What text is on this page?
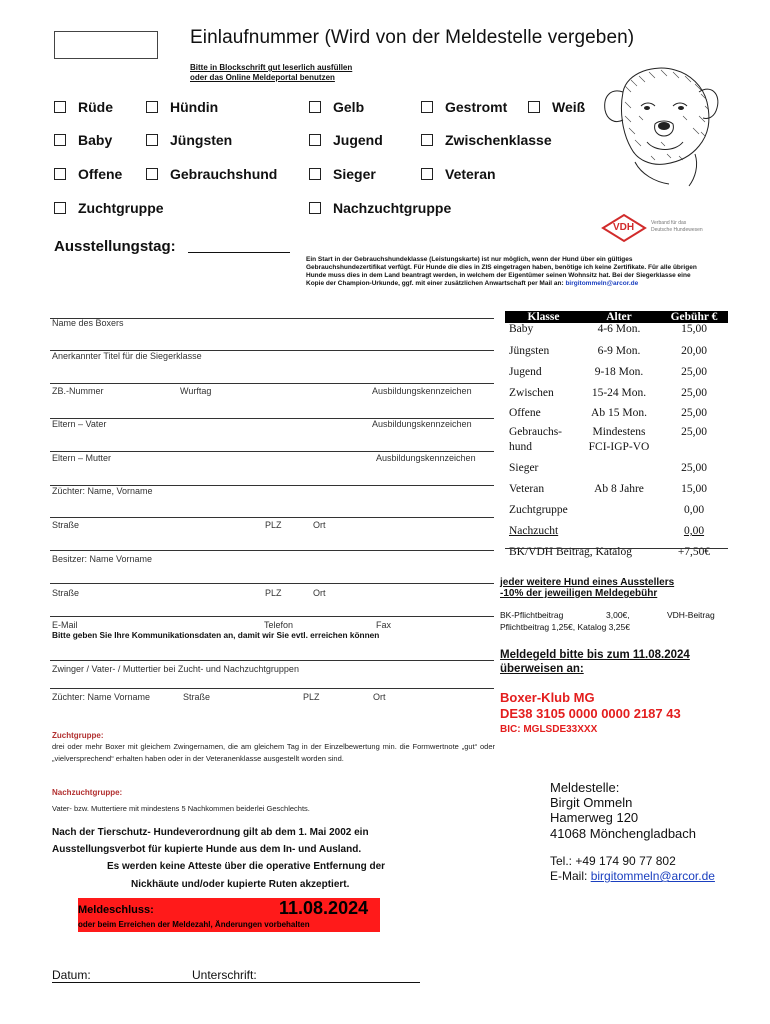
Einlaufnummer (Wird von der Meldestelle vergeben)
Bitte in Blockschrift gut leserlich ausfüllen
oder das Online Meldeportal benutzen
Rüde	Hündin	Gelb	Gestromt	Weiß
Baby	Jüngsten	Jugend	Zwischenklasse
Offene	Gebrauchshund	Sieger	Veteran
Zuchtgruppe	Nachzuchtgruppe
VDH	Verband für das
Deutsche Hundewesen
Ausstellungstag:
Ein Start in der Gebrauchshundeklasse (Leistungskarte) ist nur möglich, wenn der Hund über ein gültiges Gebrauchshundezertifikat verfügt. Für Hunde die dies in ZIS eingetragen haben, benötige ich keine Zertifikate. Für alle übrigen Hunde muss dies in dem Land beantragt werden, in welchem der Eigentümer seinen Wohnsitz hat. Bei der Siegerklasse eine Kopie der Champion-Urkunde, ggf. mit einer zusätzlichen Anwartschaft per Mail an: birgitommeln@arcor.de
Name des Boxers
Anerkannter Titel für die Siegerklasse
ZB.-Nummer	Wurftag	Ausbildungskennzeichen
Eltern – Vater	Ausbildungskennzeichen
Eltern – Mutter	Ausbildungskennzeichen
Züchter: Name, Vorname
Straße	PLZ	Ort
Besitzer: Name Vorname
Straße	PLZ	Ort
E-Mail	Telefon	Fax
Bitte geben Sie Ihre Kommunikationsdaten an, damit wir Sie evtl. erreichen können
Zwinger / Vater- / Muttertier bei Zucht- und Nachzuchtgruppen
Züchter: Name Vorname	Straße	PLZ	Ort
Klasse	Alter	Gebühr €
Baby	4-6 Mon.	15,00
Jüngsten	6-9 Mon.	20,00
Jugend	9-18 Mon.	25,00
Zwischen	15-24 Mon.	25,00
Offene	Ab 15 Mon.	25,00
Gebrauchs-	Mindestens	25,00
hund	FCI-IGP-VO	
Sieger		25,00
Veteran	Ab 8 Jahre	15,00
Zuchtgruppe		0,00
Nachzucht		0,00
BK/VDH Beitrag, Katalog		+7,50€
jeder weitere Hund eines Ausstellers
-10% der jeweiligen Meldegebühr
BK-Pflichtbeitrag	3,00€,	VDH-Beitrag
Pflichtbeitrag 1,25€, Katalog 3,25€
Meldegeld bitte bis zum 11.08.2024
überweisen an:
Boxer-Klub MG
DE38 3105 0000 0000 2187 43
BIC: MGLSDE33XXX
Zuchtgruppe:
drei oder mehr Boxer mit gleichem Zwingernamen, die am gleichem Tag in der Einzelbewertung min. die Formwertnote „gut“ oder „vielversprechend“ erhalten haben oder in der Veteranenklasse ausgestellt worden sind.
Nachzuchtgruppe:
Vater- bzw. Muttertiere mit mindestens 5 Nachkommen beiderlei Geschlechts.
Nach der Tierschutz- Hundeverordnung gilt ab dem 1. Mai 2002 ein
Ausstellungsverbot für kupierte Hunde aus dem In- und Ausland.
Es werden keine Atteste über die operative Entfernung der
Nickhäute und/oder kupierte Ruten akzeptiert.
Meldestelle:
Birgit Ommeln
Hamerweg 120
41068 Mönchengladbach
Tel.: +49 174 90 77 802
E-Mail: birgitommeln@arcor.de
Meldeschluss:	11.08.2024
oder beim Erreichen der Meldezahl, Änderungen vorbehalten
Datum:	Unterschrift:
